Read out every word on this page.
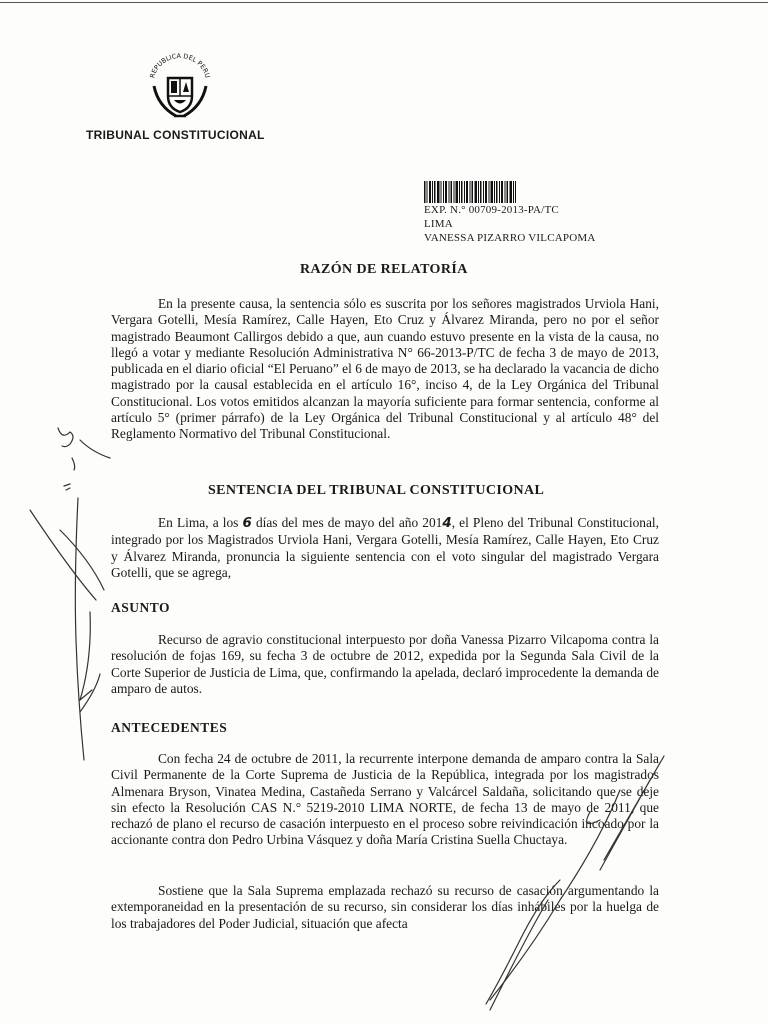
REPUBLICA DEL PERU
TRIBUNAL CONSTITUCIONAL
EXP. N.° 00709-2013-PA/TC
LIMA
VANESSA PIZARRO VILCAPOMA
RAZÓN DE RELATORÍA

En la presente causa, la sentencia sólo es suscrita por los señores magistrados Urviola Hani, Vergara Gotelli, Mesía Ramírez, Calle Hayen, Eto Cruz y Álvarez Miranda, pero no por el señor magistrado Beaumont Callirgos debido a que, aun cuando estuvo presente en la vista de la causa, no llegó a votar y mediante Resolución Administrativa N° 66-2013-P/TC de fecha 3 de mayo de 2013, publicada en el diario oficial “El Peruano” el 6 de mayo de 2013, se ha declarado la vacancia de dicho magistrado por la causal establecida en el artículo 16°, inciso 4, de la Ley Orgánica del Tribunal Constitucional. Los votos emitidos alcanzan la mayoría suficiente para formar sentencia, conforme al artículo 5° (primer párrafo) de la Ley Orgánica del Tribunal Constitucional y al artículo 48° del Reglamento Normativo del Tribunal Constitucional.

SENTENCIA DEL TRIBUNAL CONSTITUCIONAL

En Lima, a los 6 días del mes de mayo del año 2014, el Pleno del Tribunal Constitucional, integrado por los Magistrados Urviola Hani, Vergara Gotelli, Mesía Ramírez, Calle Hayen, Eto Cruz y Álvarez Miranda, pronuncia la siguiente sentencia con el voto singular del magistrado Vergara Gotelli, que se agrega,

ASUNTO

Recurso de agravio constitucional interpuesto por doña Vanessa Pizarro Vilcapoma contra la resolución de fojas 169, su fecha 3 de octubre de 2012, expedida por la Segunda Sala Civil de la Corte Superior de Justicia de Lima, que, confirmando la apelada, declaró improcedente la demanda de amparo de autos.

ANTECEDENTES

Con fecha 24 de octubre de 2011, la recurrente interpone demanda de amparo contra la Sala Civil Permanente de la Corte Suprema de Justicia de la República, integrada por los magistrados Almenara Bryson, Vinatea Medina, Castañeda Serrano y Valcárcel Saldaña, solicitando que se deje sin efecto la Resolución CAS N.° 5219-2010 LIMA NORTE, de fecha 13 de mayo de 2011, que rechazó de plano el recurso de casación interpuesto en el proceso sobre reivindicación incoado por la accionante contra don Pedro Urbina Vásquez y doña María Cristina Suella Chuctaya.

Sostiene que la Sala Suprema emplazada rechazó su recurso de casación argumentando la extemporaneidad en la presentación de su recurso, sin considerar los días inhábiles por la huelga de los trabajadores del Poder Judicial, situación que afecta
